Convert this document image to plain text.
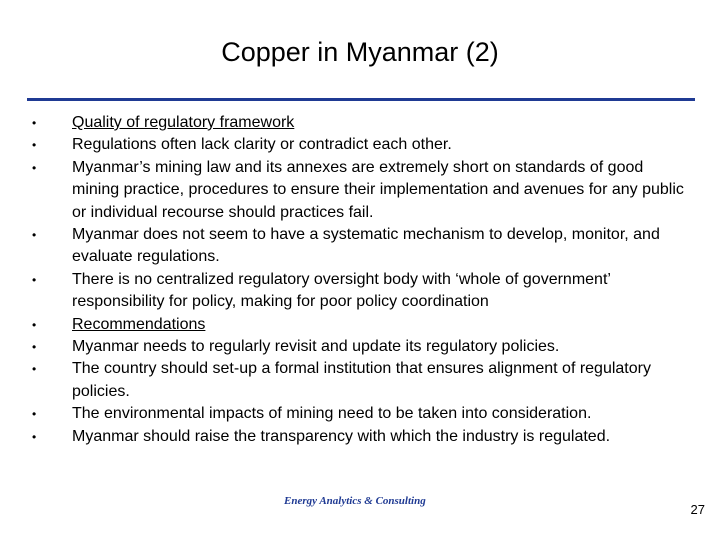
Copper in Myanmar (2)
•	Quality of regulatory framework
•	Regulations often lack clarity or contradict each other.
•	Myanmar’s mining law and its annexes are extremely short on standards of good mining practice, procedures to ensure their implementation and avenues for any public or individual recourse should practices fail.
•	Myanmar does not seem to have a systematic mechanism to develop, monitor, and evaluate regulations.
•	There is no centralized regulatory oversight body with ‘whole of government’ responsibility for policy, making for poor policy coordination
•	Recommendations
•	Myanmar needs to regularly revisit and update its regulatory policies.
•	The country should set-up a formal institution that ensures alignment of regulatory policies.
•	The environmental impacts of mining need to be taken into consideration.
•	Myanmar should raise the transparency with which the industry is regulated.
Energy Analytics & Consulting
27
